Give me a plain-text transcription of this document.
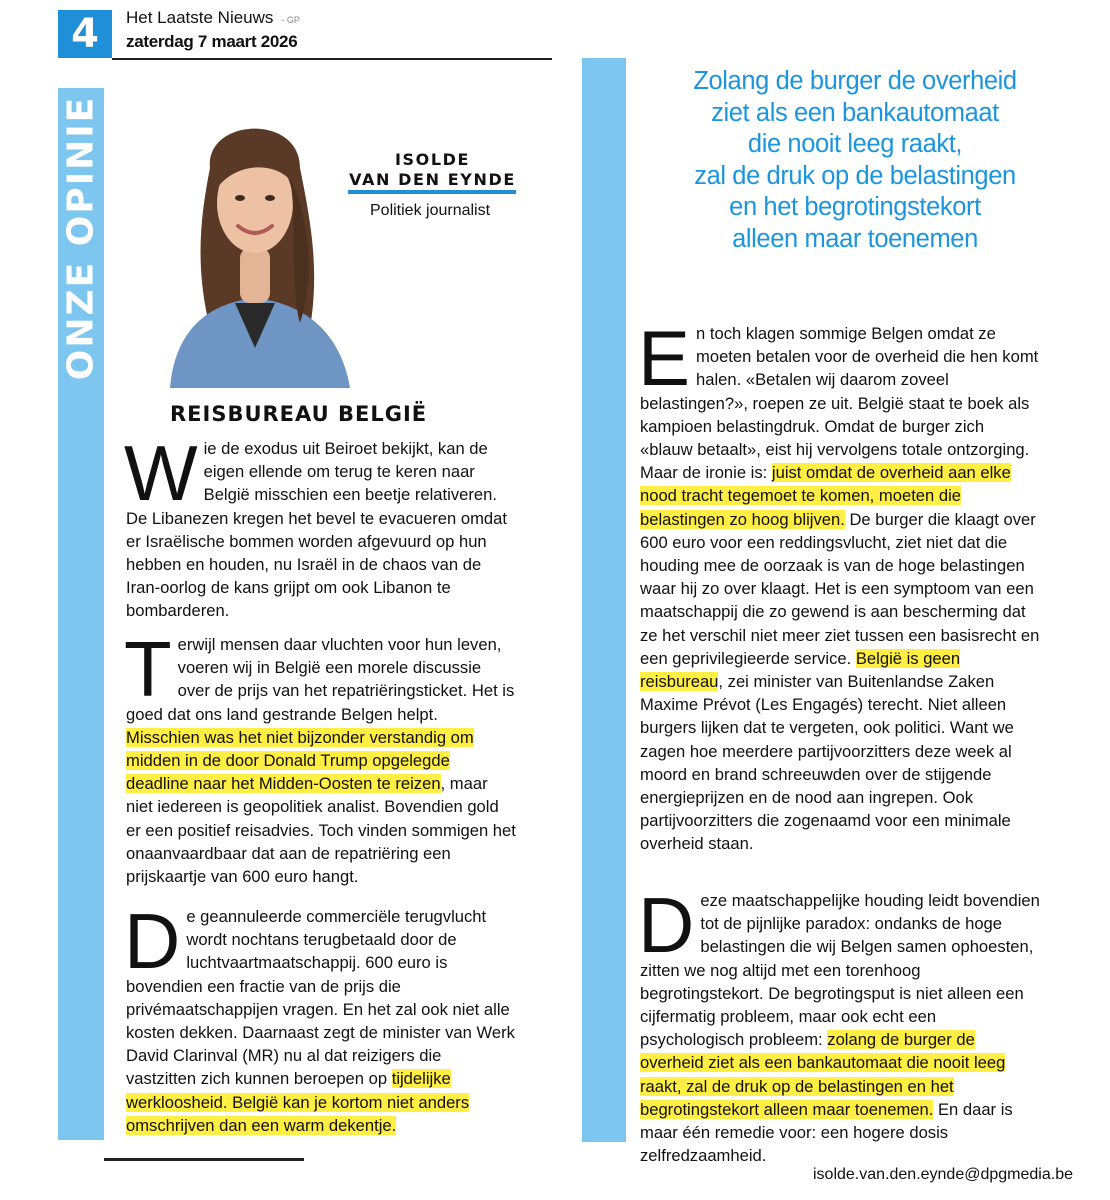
4	Het Laatste Nieuws - GP
zaterdag 7 maart 2026
ONZE OPINIE	ISOLDE
VAN DEN EYNDE
Politiek journalist
REISBUREAU BELGIË

Wie de exodus uit Beiroet bekijkt, kan de eigen ellende om terug te keren naar België misschien een beetje relativeren. De Libanezen kregen het bevel te evacueren omdat er Israëlische bommen worden afgevuurd op hun hebben en houden, nu Israël in de chaos van de Iran-oorlog de kans grijpt om ook Libanon te bombarderen.

Terwijl mensen daar vluchten voor hun leven, voeren wij in België een morele discussie over de prijs van het repatriëringsticket. Het is goed dat ons land gestrande Belgen helpt. Misschien was het niet bijzonder verstandig om midden in de door Donald Trump opgelegde deadline naar het Midden-Oosten te reizen, maar niet iedereen is geopolitiek analist. Bovendien gold er een positief reisadvies. Toch vinden sommigen het onaanvaardbaar dat aan de repatriëring een prijskaartje van 600 euro hangt.

De geannuleerde commerciële terugvlucht wordt nochtans terugbetaald door de luchtvaartmaatschappij. 600 euro is bovendien een fractie van de prijs die privémaatschappijen vragen. En het zal ook niet alle kosten dekken. Daarnaast zegt de minister van Werk David Clarinval (MR) nu al dat reizigers die vastzitten zich kunnen beroepen op tijdelijke werkloosheid. België kan je kortom niet anders omschrijven dan een warm dekentje.

Zolang de burger de overheid
ziet als een bankautomaat
die nooit leeg raakt,
zal de druk op de belastingen
en het begrotingstekort
alleen maar toenemen

En toch klagen sommige Belgen omdat ze moeten betalen voor de overheid die hen komt halen. «Betalen wij daarom zoveel belastingen?», roepen ze uit. België staat te boek als kampioen belastingdruk. Omdat de burger zich «blauw betaalt», eist hij vervolgens totale ontzorging. Maar de ironie is: juist omdat de overheid aan elke nood tracht tegemoet te komen, moeten die belastingen zo hoog blijven. De burger die klaagt over 600 euro voor een reddingsvlucht, ziet niet dat die houding mee de oorzaak is van de hoge belastingen waar hij zo over klaagt. Het is een symptoom van een maatschappij die zo gewend is aan bescherming dat ze het verschil niet meer ziet tussen een basisrecht en een geprivilegieerde service. België is geen reisbureau, zei minister van Buitenlandse Zaken Maxime Prévot (Les Engagés) terecht. Niet alleen burgers lijken dat te vergeten, ook politici. Want we zagen hoe meerdere partijvoorzitters deze week al moord en brand schreeuwden over de stijgende energieprijzen en de nood aan ingrepen. Ook partijvoorzitters die zogenaamd voor een minimale overheid staan.

Deze maatschappelijke houding leidt bovendien tot de pijnlijke paradox: ondanks de hoge belastingen die wij Belgen samen ophoesten, zitten we nog altijd met een torenhoog begrotingstekort. De begrotingsput is niet alleen een cijfermatig probleem, maar ook echt een psychologisch probleem: zolang de burger de overheid ziet als een bankautomaat die nooit leeg raakt, zal de druk op de belastingen en het begrotingstekort alleen maar toenemen. En daar is maar één remedie voor: een hogere dosis zelfredzaamheid.

isolde.van.den.eynde@dpgmedia.be
